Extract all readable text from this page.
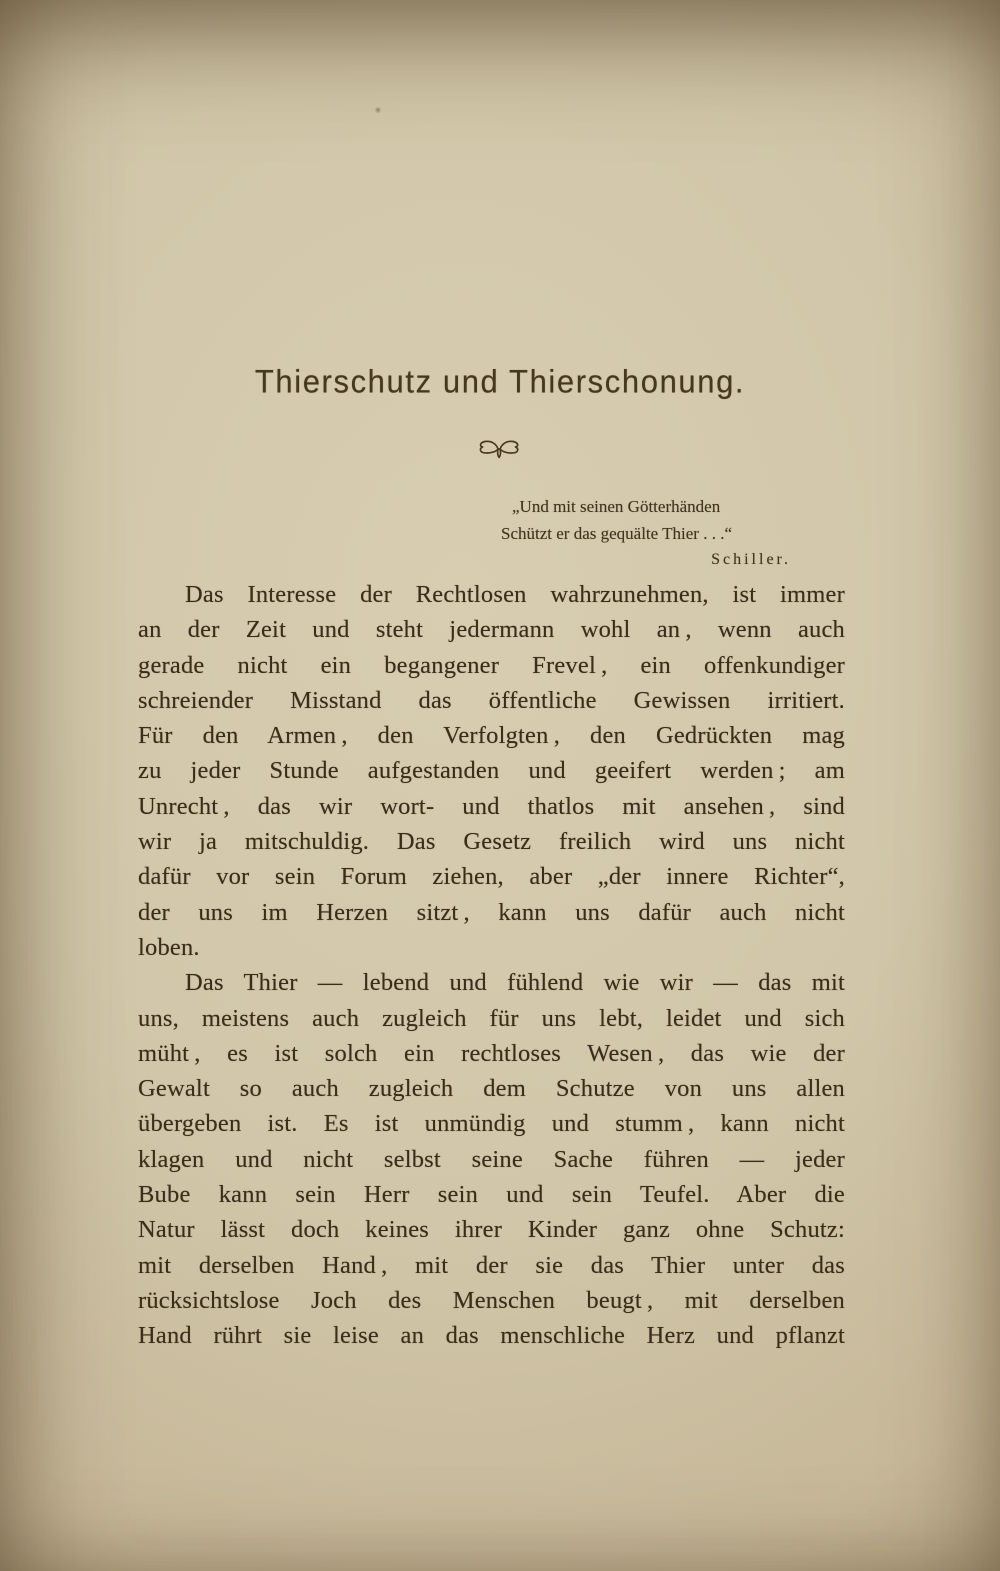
Thierschutz und Thierschonung.
„Und mit seinen Götterhänden
Schützt er das gequälte Thier . . .“
Schiller.
Das Interesse der Rechtlosen wahrzunehmen, ist immer
an der Zeit und steht jedermann wohl an , wenn auch
gerade nicht ein begangener Frevel , ein offenkundiger
schreiender Misstand das öffentliche Gewissen irritiert.
Für den Armen , den Verfolgten , den Gedrückten mag
zu jeder Stunde aufgestanden und geeifert werden ; am
Unrecht , das wir wort- und thatlos mit ansehen , sind
wir ja mitschuldig. Das Gesetz freilich wird uns nicht
dafür vor sein Forum ziehen, aber „der innere Richter“,
der uns im Herzen sitzt , kann uns dafür auch nicht
loben.
Das Thier — lebend und fühlend wie wir — das mit
uns, meistens auch zugleich für uns lebt, leidet und sich
müht , es ist solch ein rechtloses Wesen , das wie der
Gewalt so auch zugleich dem Schutze von uns allen
übergeben ist. Es ist unmündig und stumm , kann nicht
klagen und nicht selbst seine Sache führen — jeder
Bube kann sein Herr sein und sein Teufel. Aber die
Natur lässt doch keines ihrer Kinder ganz ohne Schutz:
mit derselben Hand , mit der sie das Thier unter das
rücksichtslose Joch des Menschen beugt , mit derselben
Hand rührt sie leise an das menschliche Herz und pflanzt
